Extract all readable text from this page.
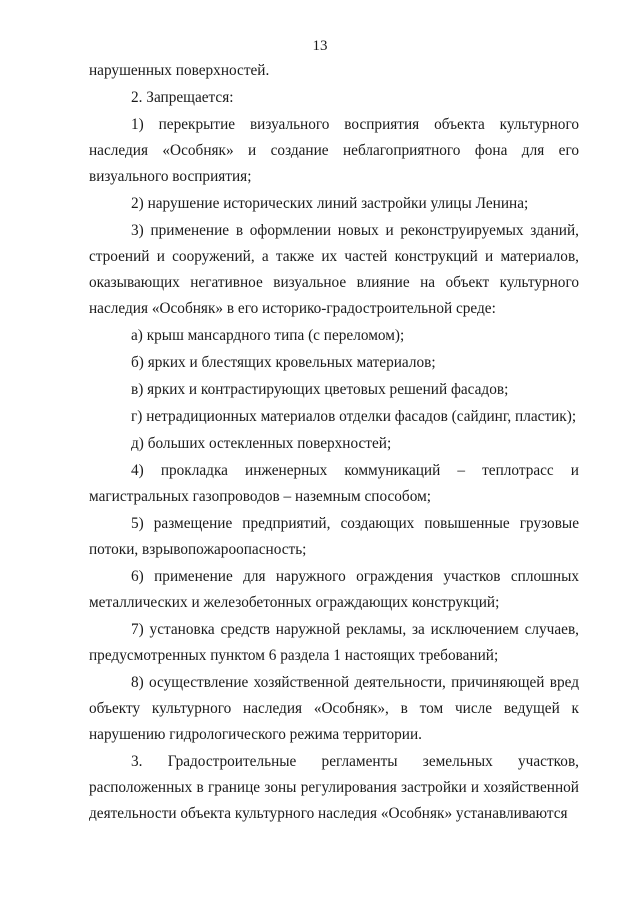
13

нарушенных поверхностей.

2. Запрещается:

1) перекрытие визуального восприятия объекта культурного наследия «Особняк» и создание неблагоприятного фона для его визуального восприятия;

2) нарушение исторических линий застройки улицы Ленина;

3) применение в оформлении новых и реконструируемых зданий, строений и сооружений, а также их частей конструкций и материалов, оказывающих негативное визуальное влияние на объект культурного наследия «Особняк» в его историко-градостроительной среде:

а) крыш мансардного типа (с переломом);

б) ярких и блестящих кровельных материалов;

в) ярких и контрастирующих цветовых решений фасадов;

г) нетрадиционных материалов отделки фасадов (сайдинг, пластик);

д) больших остекленных поверхностей;

4) прокладка инженерных коммуникаций – теплотрасс и магистральных газопроводов – наземным способом;

5) размещение предприятий, создающих повышенные грузовые потоки, взрывопожароопасность;

6) применение для наружного ограждения участков сплошных металлических и железобетонных ограждающих конструкций;

7) установка средств наружной рекламы, за исключением случаев, предусмотренных пунктом 6 раздела 1 настоящих требований;

8) осуществление хозяйственной деятельности, причиняющей вред объекту культурного наследия «Особняк», в том числе ведущей к нарушению гидрологического режима территории.

3. Градостроительные регламенты земельных участков, расположенных в границе зоны регулирования застройки и хозяйственной деятельности объекта культурного наследия «Особняк» устанавливаются
